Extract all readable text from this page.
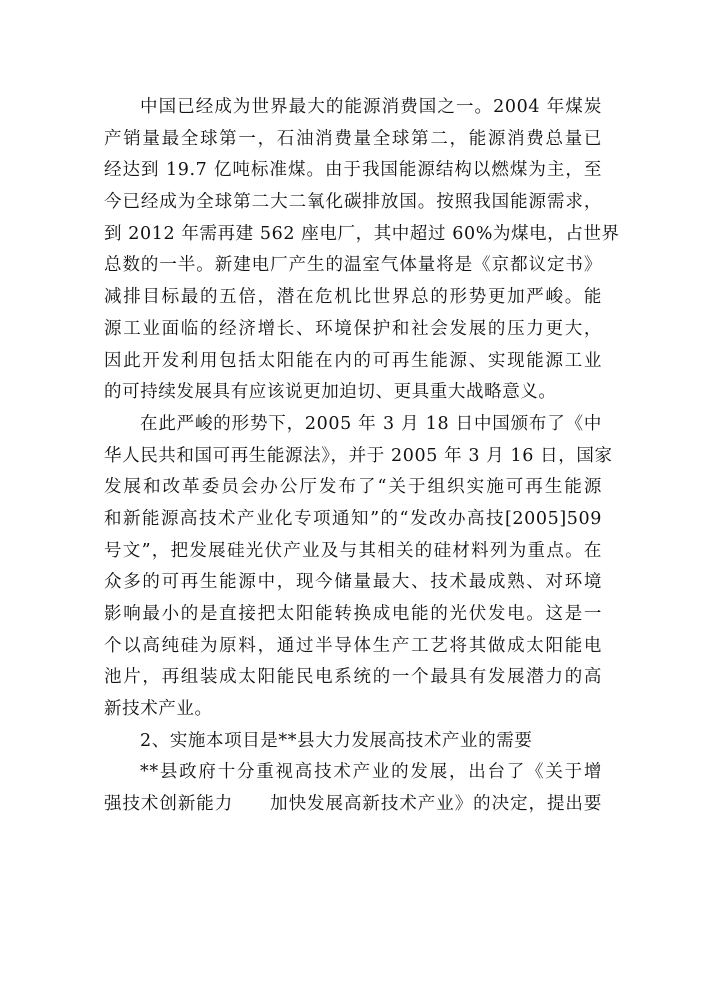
中国已经成为世界最大的能源消费国之一。2004 年煤炭
产销量最全球第一，石油消费量全球第二，能源消费总量已
经达到 19.7 亿吨标准煤。由于我国能源结构以燃煤为主，至
今已经成为全球第二大二氧化碳排放国。按照我国能源需求，
到 2012 年需再建 562 座电厂，其中超过 60%为煤电，占世界
总数的一半。新建电厂产生的温室气体量将是《京都议定书》
减排目标最的五倍，潜在危机比世界总的形势更加严峻。能
源工业面临的经济增长、环境保护和社会发展的压力更大，
因此开发利用包括太阳能在内的可再生能源、实现能源工业
的可持续发展具有应该说更加迫切、更具重大战略意义。
在此严峻的形势下，2005 年 3 月 18 日中国颁布了《中
华人民共和国可再生能源法》，并于 2005 年 3 月 16 日，国家
发展和改革委员会办公厅发布了“关于组织实施可再生能源
和新能源高技术产业化专项通知”的“发改办高技[2005]509
号文”，把发展硅光伏产业及与其相关的硅材料列为重点。在
众多的可再生能源中，现今储量最大、技术最成熟、对环境
影响最小的是直接把太阳能转换成电能的光伏发电。这是一
个以高纯硅为原料，通过半导体生产工艺将其做成太阳能电
池片，再组装成太阳能民电系统的一个最具有发展潜力的高
新技术产业。
2、实施本项目是**县大力发展高技术产业的需要
**县政府十分重视高技术产业的发展，出台了《关于增
强技术创新能力　　加快发展高新技术产业》的决定，提出要
